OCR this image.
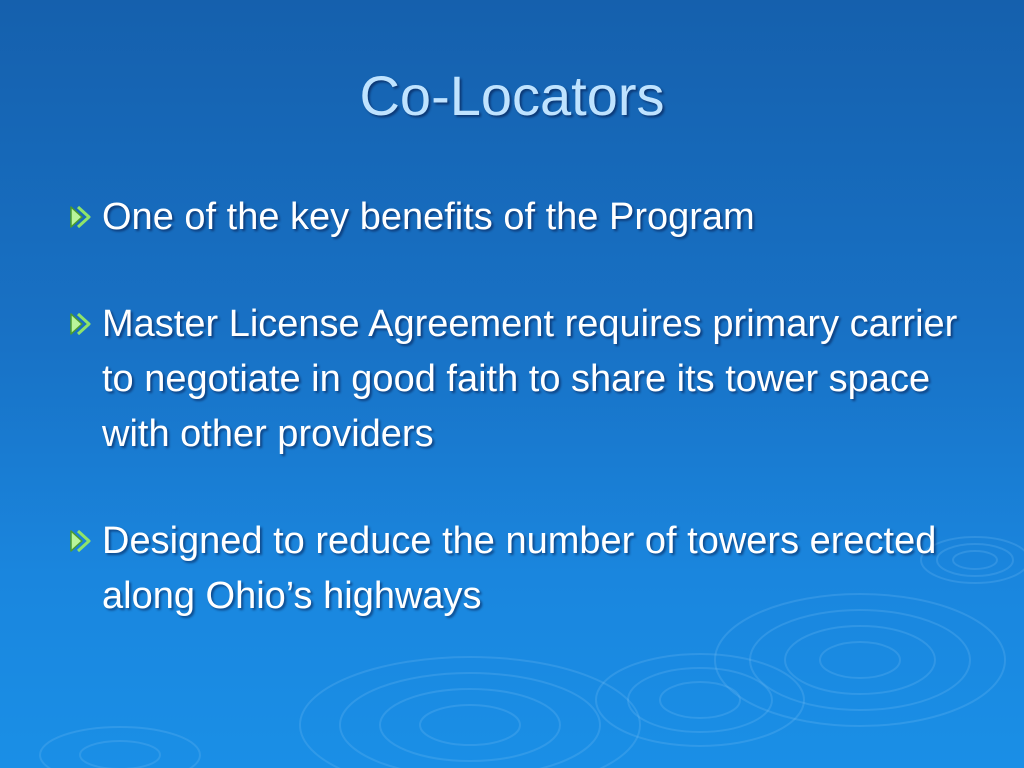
Co-Locators
One of the key benefits of the Program
Master License Agreement requires primary carrier to negotiate in good faith to share its tower space with other providers
Designed to reduce the number of towers erected along Ohio’s highways
